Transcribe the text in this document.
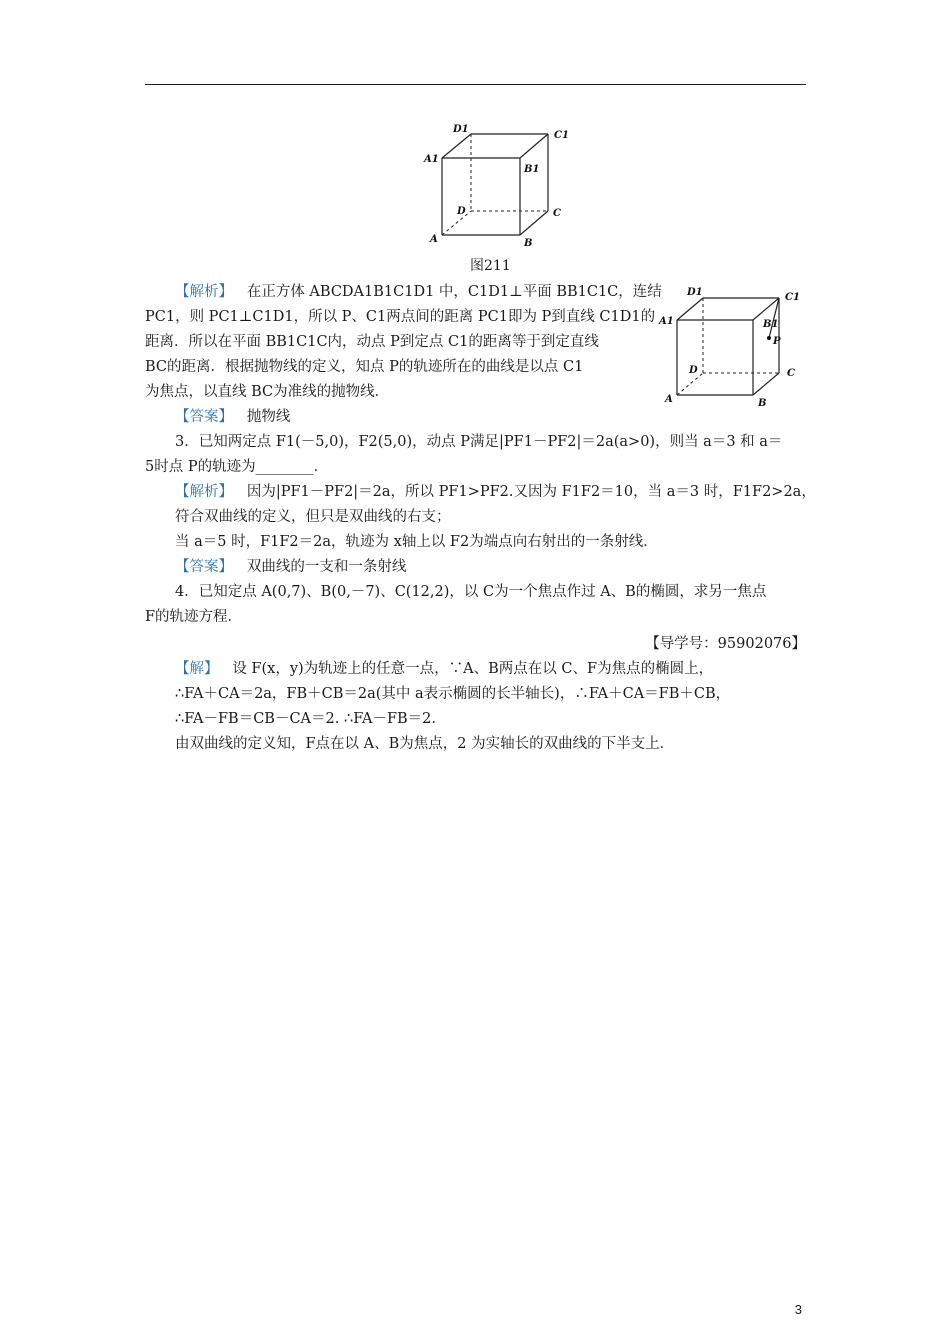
D1
C1
A1
B1
D	C
A	B
图211
D1	C1
A1	B1
P
D	C
A	B
【解析】 在正方体 ABCDA1B1C1D1 中，C1D1⊥平面 BB1C1C，连结
PC1，则 PC1⊥C1D1，所以 P、C1两点间的距离 PC1即为 P到直线 C1D1的
距离．所以在平面 BB1C1C内，动点 P到定点 C1的距离等于到定直线
BC的距离．根据抛物线的定义，知点 P的轨迹所在的曲线是以点 C1
为焦点，以直线 BC为准线的抛物线．
【答案】 抛物线
3．已知两定点 F1(－5,0)，F2(5,0)，动点 P满足|PF1－PF2|＝2a(a>0)，则当 a＝3 和 a＝
5时点 P的轨迹为________．
【解析】 因为|PF1－PF2|＝2a，所以 PF1>PF2.又因为 F1F2＝10，当 a＝3 时，F1F2>2a，
符合双曲线的定义，但只是双曲线的右支；
当 a＝5 时，F1F2＝2a，轨迹为 x轴上以 F2为端点向右射出的一条射线．
【答案】 双曲线的一支和一条射线
4．已知定点 A(0,7)、B(0,－7)、C(12,2)，以 C为一个焦点作过 A、B的椭圆，求另一焦点
F的轨迹方程．
【导学号：95902076】
【解】 设 F(x，y)为轨迹上的任意一点，∵A、B两点在以 C、F为焦点的椭圆上，
∴FA＋CA＝2a，FB＋CB＝2a(其中 a表示椭圆的长半轴长)，∴FA＋CA＝FB＋CB，
∴FA－FB＝CB－CA＝2. ∴FA－FB＝2.
由双曲线的定义知，F点在以 A、B为焦点，2 为实轴长的双曲线的下半支上．
3
